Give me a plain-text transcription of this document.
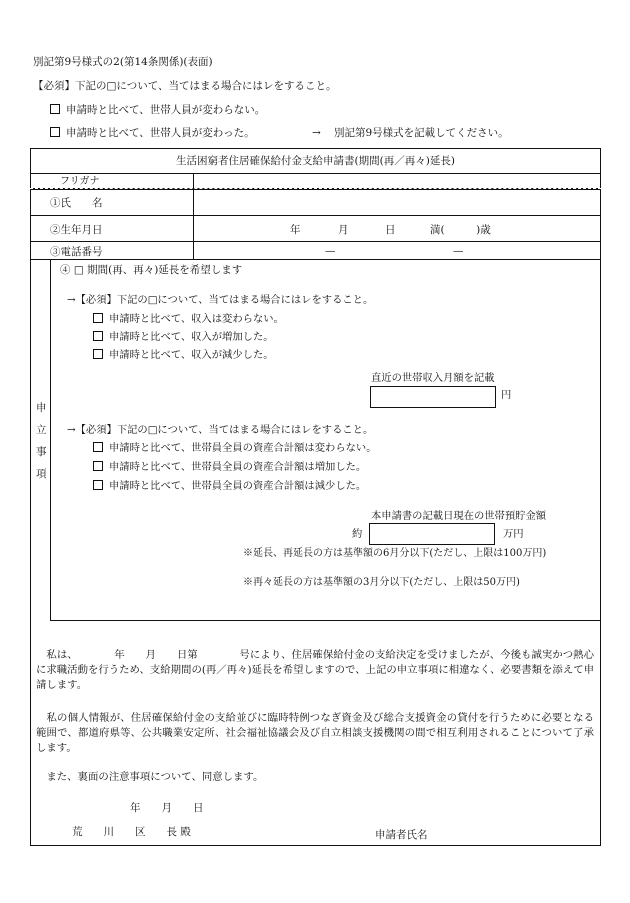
別記第9号様式の2(第14条関係)(表面)
【必須】下記の□について、当てはまる場合にはレをすること。
申請時と比べて、世帯人員が変わらない。
申請時と比べて、世帯人員が変わった。	→ 別記第9号様式を記載してください。
生活困窮者住居確保給付金支給申請書(期間(再／再々)延長)
フリガナ
①氏　　名
②生年月日	年	月	日	満(　　　)歳
③電話番号	—	—
申
立
事
項
④ □ 期間(再、再々)延長を希望します
→【必須】下記の□について、当てはまる場合にはレをすること。
申請時と比べて、収入は変わらない。
申請時と比べて、収入が増加した。
申請時と比べて、収入が減少した。
直近の世帯収入月額を記載
円
→【必須】下記の□について、当てはまる場合にはレをすること。
申請時と比べて、世帯員全員の資産合計額は変わらない。
申請時と比べて、世帯員全員の資産合計額は増加した。
申請時と比べて、世帯員全員の資産合計額は減少した。
本申請書の記載日現在の世帯預貯金額
約	万円
※延長、再延長の方は基準額の6月分以下(ただし、上限は100万円)
※再々延長の方は基準額の3月分以下(ただし、上限は50万円)
　私は、　　　　年　　月　　日第　　　　号により、住居確保給付金の支給決定を受けましたが、今後も誠実かつ熱心に求職活動を行うため、支給期間の(再／再々)延長を希望しますので、上記の申立事項に相違なく、必要書類を添えて申請します。
　私の個人情報が、住居確保給付金の支給並びに臨時特例つなぎ資金及び総合支援資金の貸付を行うために必要となる範囲で、都道府県等、公共職業安定所、社会福祉協議会及び自立相談支援機関の間で相互利用されることについて了承します。
　また、裏面の注意事項について、同意します。
年　　月　　日
荒　　川　　区　　長 殿	申請者氏名
